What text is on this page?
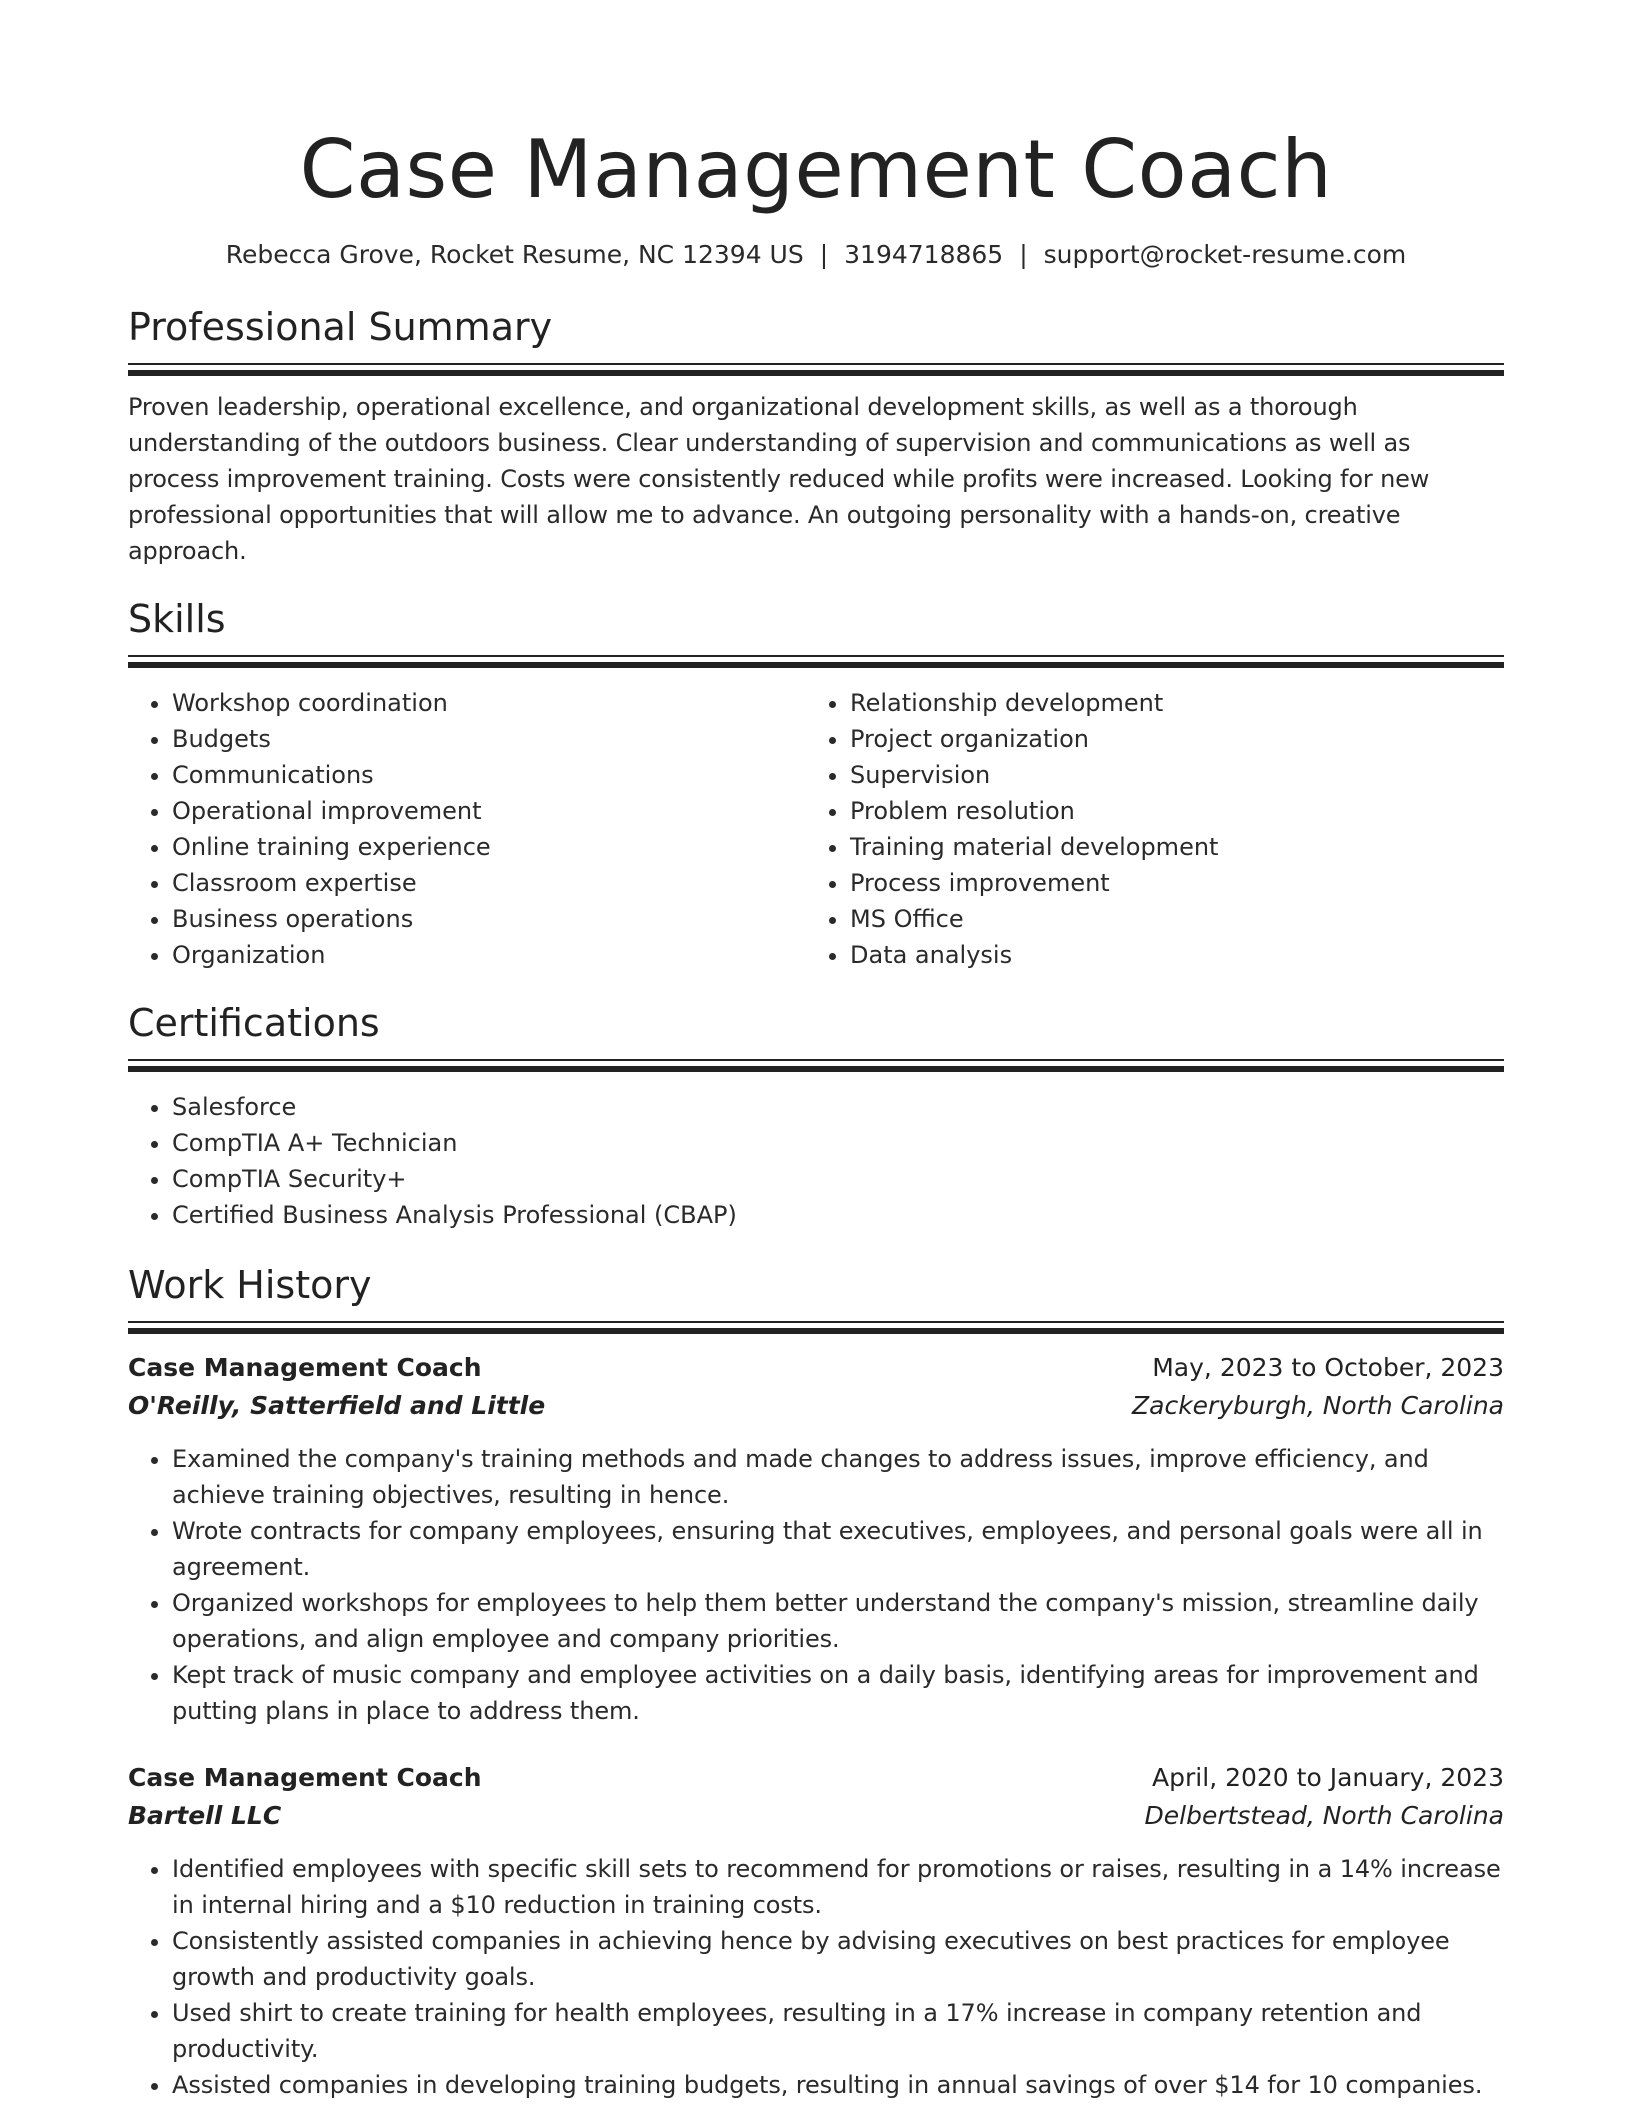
Case Management Coach
Rebecca Grove, Rocket Resume, NC 12394 US | 3194718865 | support@rocket-resume.com
Professional Summary

Proven leadership, operational excellence, and organizational development skills, as well as a thorough understanding of the outdoors business. Clear understanding of supervision and communications as well as process improvement training. Costs were consistently reduced while profits were increased. Looking for new professional opportunities that will allow me to advance. An outgoing personality with a hands-on, creative approach.

Skills
• Workshop coordination
• Budgets
• Communications
• Operational improvement
• Online training experience
• Classroom expertise
• Business operations
• Organization
• Relationship development
• Project organization
• Supervision
• Problem resolution
• Training material development
• Process improvement
• MS Office
• Data analysis
Certifications
• Salesforce
• CompTIA A+ Technician
• CompTIA Security+
• Certified Business Analysis Professional (CBAP)
Work History
Case Management Coach	May, 2023 to October, 2023
O'Reilly, Satterfield and Little	Zackeryburgh, North Carolina
• Examined the company's training methods and made changes to address issues, improve efficiency, and achieve training objectives, resulting in hence.
• Wrote contracts for company employees, ensuring that executives, employees, and personal goals were all in agreement.
• Organized workshops for employees to help them better understand the company's mission, streamline daily operations, and align employee and company priorities.
• Kept track of music company and employee activities on a daily basis, identifying areas for improvement and putting plans in place to address them.
Case Management Coach	April, 2020 to January, 2023
Bartell LLC	Delbertstead, North Carolina
• Identified employees with specific skill sets to recommend for promotions or raises, resulting in a 14% increase in internal hiring and a $10 reduction in training costs.
• Consistently assisted companies in achieving hence by advising executives on best practices for employee growth and productivity goals.
• Used shirt to create training for health employees, resulting in a 17% increase in company retention and productivity.
• Assisted companies in developing training budgets, resulting in annual savings of over $14 for 10 companies.
